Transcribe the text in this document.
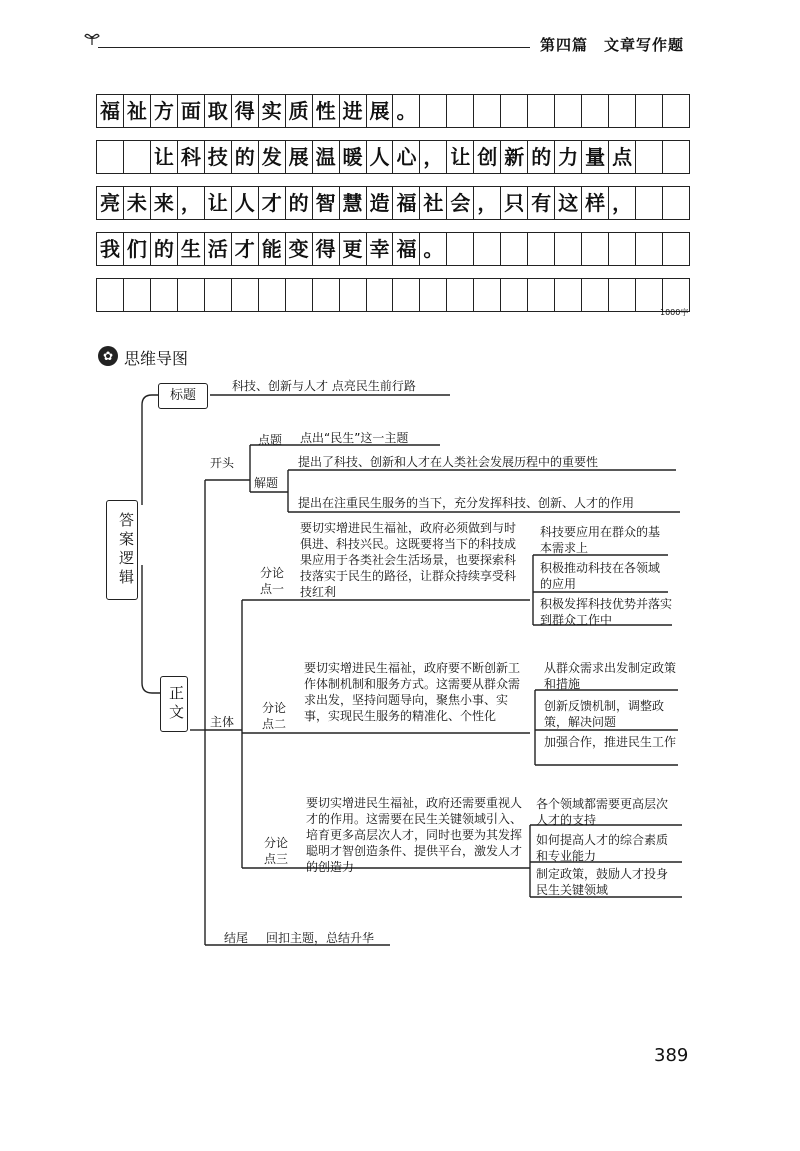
第四篇　文章写作题
福 祉 方 面 取 得 实 质 性 进 展 。
让 科 技 的 发 展 温 暖 人 心 ， 让 创 新 的 力 量 点
亮 未 来 ， 让 人 才 的 智 慧 造 福 社 会 ， 只 有 这 样 ，
我 们 的 生 活 才 能 变 得 更 幸 福 。
1000字
✿ 思维导图
答案逻辑
标题
科技、创新与人才 点亮民生前行路
正文
开头
点题 点出“民生”这一主题
解题
提出了科技、创新和人才在人类社会发展历程中的重要性
提出在注重民生服务的当下，充分发挥科技、创新、人才的作用
主体
分论点一
要切实增进民生福祉，政府必须做到与时俱进、科技兴民。这既要将当下的科技成果应用于各类社会生活场景，也要探索科技落实于民生的路径，让群众持续享受科技红利
科技要应用在群众的基本需求上
积极推动科技在各领域的应用
积极发挥科技优势并落实到群众工作中
分论点二
要切实增进民生福祉，政府要不断创新工作体制机制和服务方式。这需要从群众需求出发，坚持问题导向，聚焦小事、实事，实现民生服务的精准化、个性化
从群众需求出发制定政策和措施
创新反馈机制，调整政策，解决问题
加强合作，推进民生工作
分论点三
要切实增进民生福祉，政府还需要重视人才的作用。这需要在民生关键领域引入、培育更多高层次人才，同时也要为其发挥聪明才智创造条件、提供平台，激发人才的创造力
各个领域都需要更高层次人才的支持
如何提高人才的综合素质和专业能力
制定政策，鼓励人才投身民生关键领域
结尾 回扣主题，总结升华
389
